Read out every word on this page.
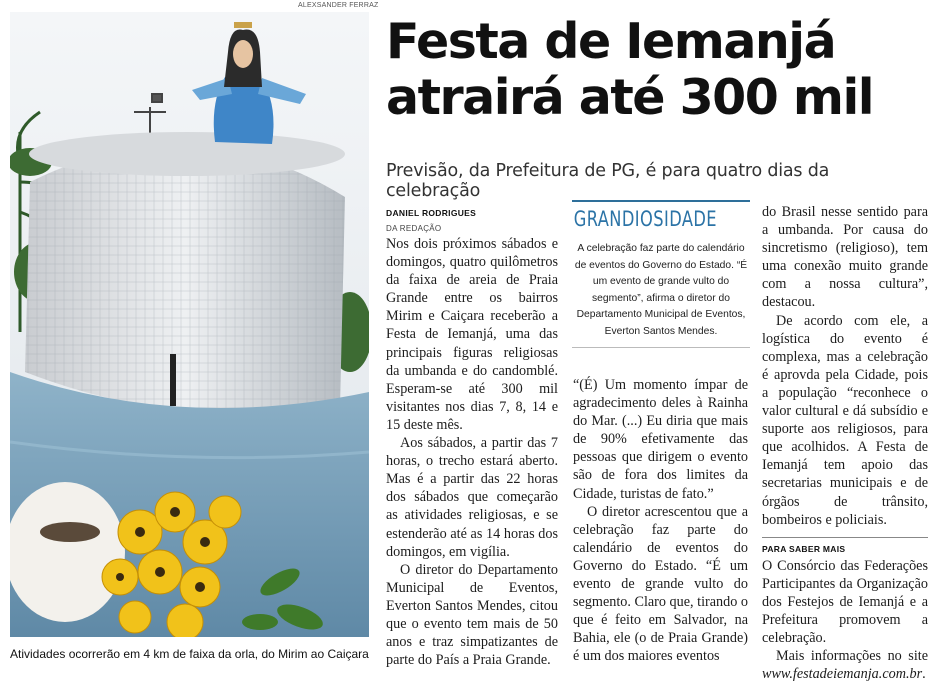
ALEXSANDER FERRAZ
Atividades ocorrerão em 4 km de faixa da orla, do Mirim ao Caiçara
Festa de Iemanjá
atrairá até 300 mil
Previsão, da Prefeitura de PG, é para quatro dias da celebração
DANIEL RODRIGUES
DA REDAÇÃO

Nos dois próximos sábados e domingos, quatro quilômetros da faixa de areia de Praia Grande entre os bairros Mirim e Caiçara receberão a Festa de Iemanjá, uma das principais figuras religiosas da umbanda e do candomblé. Esperam-se até 300 mil visitantes nos dias 7, 8, 14 e 15 deste mês.

Aos sábados, a partir das 7 horas, o trecho estará aberto. Mas é a partir das 22 horas dos sábados que começarão as atividades religiosas, e se estenderão até as 14 horas dos domingos, em vigília.

O diretor do Departamento Municipal de Eventos, Everton Santos Mendes, citou que o evento tem mais de 50 anos e traz simpatizantes de parte do País a Praia Grande.

GRANDIOSIDADE
A celebração faz parte do calendário de eventos do Governo do Estado. “É um evento de grande vulto do segmento”, afirma o diretor do Departamento Municipal de Eventos, Everton Santos Mendes.

“(É) Um momento ímpar de agradecimento deles à Rainha do Mar. (...) Eu diria que mais de 90% efetivamente das pessoas que dirigem o evento são de fora dos limites da Cidade, turistas de fato.”

O diretor acrescentou que a celebração faz parte do calendário de eventos do Governo do Estado. “É um evento de grande vulto do segmento. Claro que, tirando o que é feito em Salvador, na Bahia, ele (o de Praia Grande) é um dos maiores eventos

do Brasil nesse sentido para a umbanda. Por causa do sincretismo (religioso), tem uma conexão muito grande com a nossa cultura”, destacou.

De acordo com ele, a logística do evento é complexa, mas a celebração é aprovda pela Cidade, pois a população “reconhece o valor cultural e dá subsídio e suporte aos religiosos, para que acolhidos. A Festa de Iemanjá tem apoio das secretarias municipais e de órgãos de trânsito, bombeiros e policiais.

PARA SABER MAIS

O Consórcio das Federações Participantes da Organização dos Festejos de Iemanjá e a Prefeitura promovem a celebração.

Mais informações no site www.festadeiemanja.com.br.
